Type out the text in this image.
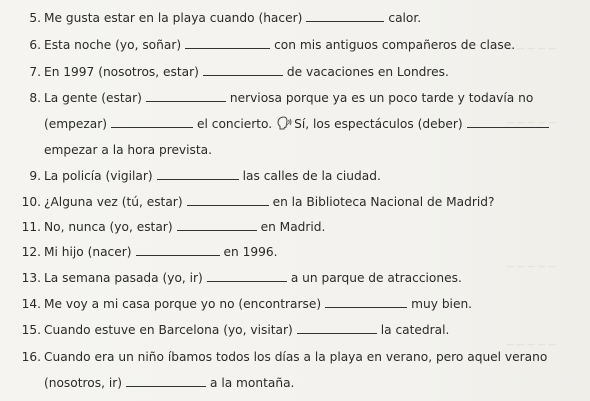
— — — — —
— — — — —
— — — — —
— — — — —
5. Me gusta estar en la playa cuando (hacer)	calor.
6. Esta noche (yo, soñar)	con mis antiguos compañeros de clase.
7. En 1997 (nosotros, estar)	de vacaciones en Londres.
8. La gente (estar)	nerviosa porque ya es un poco tarde y todavía no
(empezar)	el concierto. Sí, los espectáculos (deber)
empezar a la hora prevista.
9. La policía (vigilar)	las calles de la ciudad.
10. ¿Alguna vez (tú, estar)	en la Biblioteca Nacional de Madrid?
11. No, nunca (yo, estar)	en Madrid.
12. Mi hijo (nacer)	en 1996.
13. La semana pasada (yo, ir)	a un parque de atracciones.
14. Me voy a mi casa porque yo no (encontrarse)	muy bien.
15. Cuando estuve en Barcelona (yo, visitar)	la catedral.
16. Cuando era un niño íbamos todos los días a la playa en verano, pero aquel verano
(nosotros, ir)	a la montaña.
